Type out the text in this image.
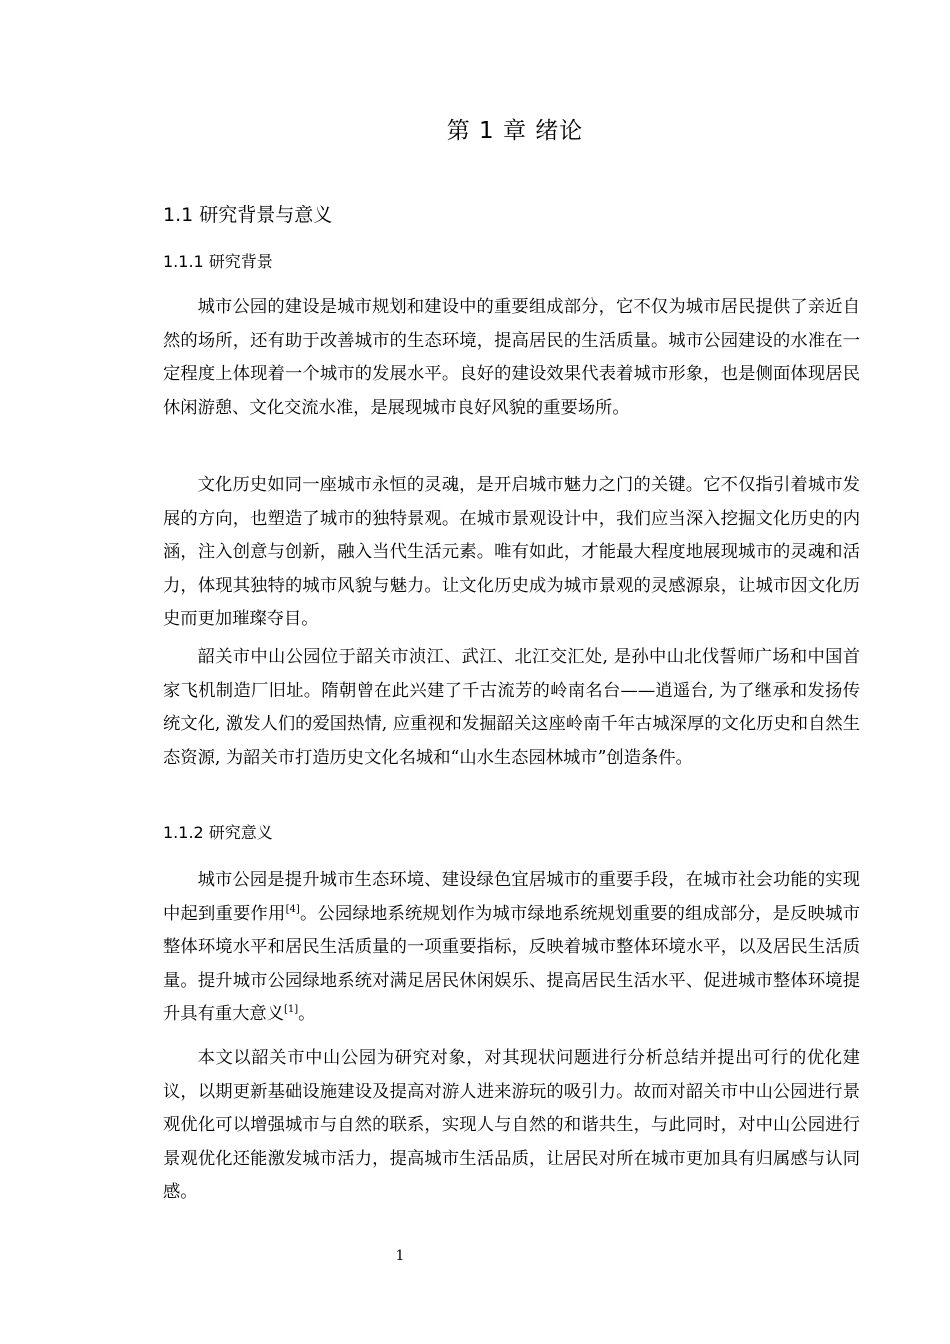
第 1 章 绪论
1.1 研究背景与意义
1.1.1 研究背景

城市公园的建设是城市规划和建设中的重要组成部分，它不仅为城市居民提供了亲近自然的场所，还有助于改善城市的生态环境，提高居民的生活质量。城市公园建设的水准在一定程度上体现着一个城市的发展水平。良好的建设效果代表着城市形象，也是侧面体现居民休闲游憩、文化交流水准，是展现城市良好风貌的重要场所。

文化历史如同一座城市永恒的灵魂，是开启城市魅力之门的关键。它不仅指引着城市发展的方向，也塑造了城市的独特景观。在城市景观设计中，我们应当深入挖掘文化历史的内涵，注入创意与创新，融入当代生活元素。唯有如此，才能最大程度地展现城市的灵魂和活力，体现其独特的城市风貌与魅力。让文化历史成为城市景观的灵感源泉，让城市因文化历史而更加璀璨夺目。

韶关市中山公园位于韶关市浈江、武江、北江交汇处, 是孙中山北伐誓师广场和中国首家飞机制造厂旧址。隋朝曾在此兴建了千古流芳的岭南名台——逍遥台, 为了继承和发扬传统文化, 激发人们的爱国热情, 应重视和发掘韶关这座岭南千年古城深厚的文化历史和自然生态资源, 为韶关市打造历史文化名城和“山水生态园林城市”创造条件。

1.1.2 研究意义

城市公园是提升城市生态环境、建设绿色宜居城市的重要手段，在城市社会功能的实现中起到重要作用[4]。公园绿地系统规划作为城市绿地系统规划重要的组成部分，是反映城市整体环境水平和居民生活质量的一项重要指标，反映着城市整体环境水平，以及居民生活质量。提升城市公园绿地系统对满足居民休闲娱乐、提高居民生活水平、促进城市整体环境提升具有重大意义[1]。

本文以韶关市中山公园为研究对象，对其现状问题进行分析总结并提出可行的优化建议，以期更新基础设施建设及提高对游人进来游玩的吸引力。故而对韶关市中山公园进行景观优化可以增强城市与自然的联系，实现人与自然的和谐共生，与此同时，对中山公园进行景观优化还能激发城市活力，提高城市生活品质，让居民对所在城市更加具有归属感与认同感。

1
